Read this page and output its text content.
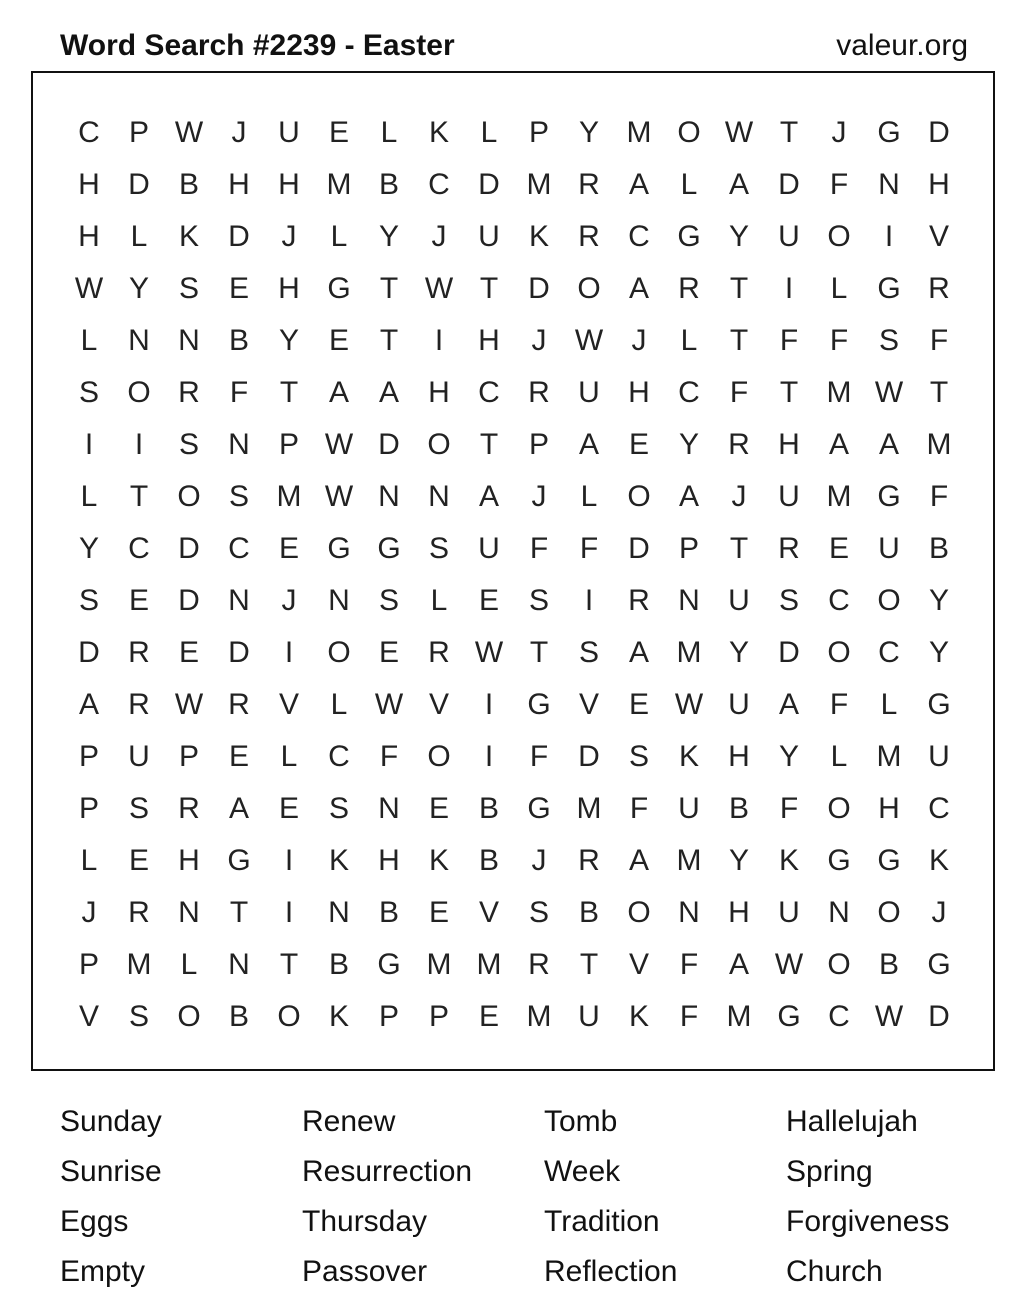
Word Search #2239 - Easter	valeur.org
C P W J	U E	L	K	L	P Y M O W T	J	G D
H D B H H M B C D M R A	L	A D	F	N H
H	L	K D	J	L	Y	J	U K R C G Y U O	I	V
W Y S E H G T W T	D O A R	T	I	L G R
L	N N B Y E	T	I	H	J W J	L	T	F	F	S	F
S O R	F	T	A A H C R U H C	F	T M W T
I	I	S N P W D O T	P A E Y R H A A M
L	T O S M W N N A	J	L O A	J	U M G F
Y C D C E G G S U	F	F	D P	T	R E U B
S E D N	J	N S	L	E S	I	R N U S C O Y
D R E D	I	O E R W T	S A M Y D O C Y
A R W R V	L W V	I	G V E W U A	F	L G
P U P E	L	C	F O	I	F	D S K H Y	L M U
P S R A E S N E B G M F	U B	F O H C
L	E H G	I	K H K B	J	R A M Y K G G K
J	R N	T	I	N B E V S B O N H U N O	J
P M L	N	T	B G M M R	T	V	F	A W O B G
V S O B O K P P E M U K	F M G C W D
Sunday	Renew	Tomb	Hallelujah
Sunrise	Resurrection	Week	Spring
Eggs	Thursday	Tradition	Forgiveness
Empty	Passover	Reflection	Church
